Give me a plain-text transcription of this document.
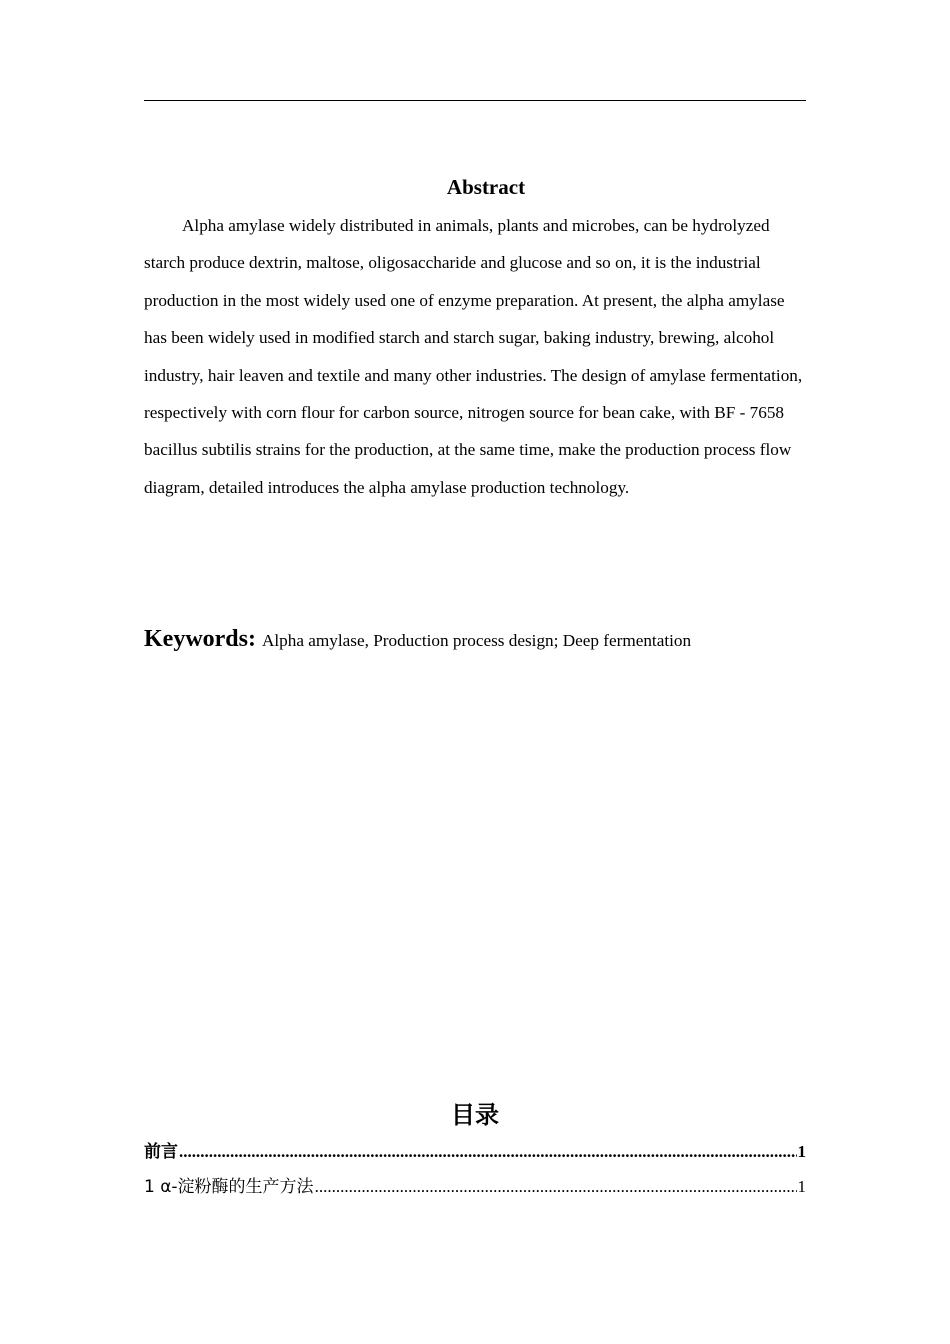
Abstract

Alpha amylase widely distributed in animals, plants and microbes, can be hydrolyzed starch produce dextrin, maltose, oligosaccharide and glucose and so on, it is the industrial production in the most widely used one of enzyme preparation. At present, the alpha amylase has been widely used in modified starch and starch sugar, baking industry, brewing, alcohol industry, hair leaven and textile and many other industries. The design of amylase fermentation, respectively with corn flour for carbon source, nitrogen source for bean cake, with BF - 7658 bacillus subtilis strains for the production, at the same time, make the production process flow diagram, detailed introduces the alpha amylase production technology.

Keywords: Alpha amylase, Production process design; Deep fermentation
目录
前言 .....	1
1 α-淀粉酶的生产方法 .....	1
